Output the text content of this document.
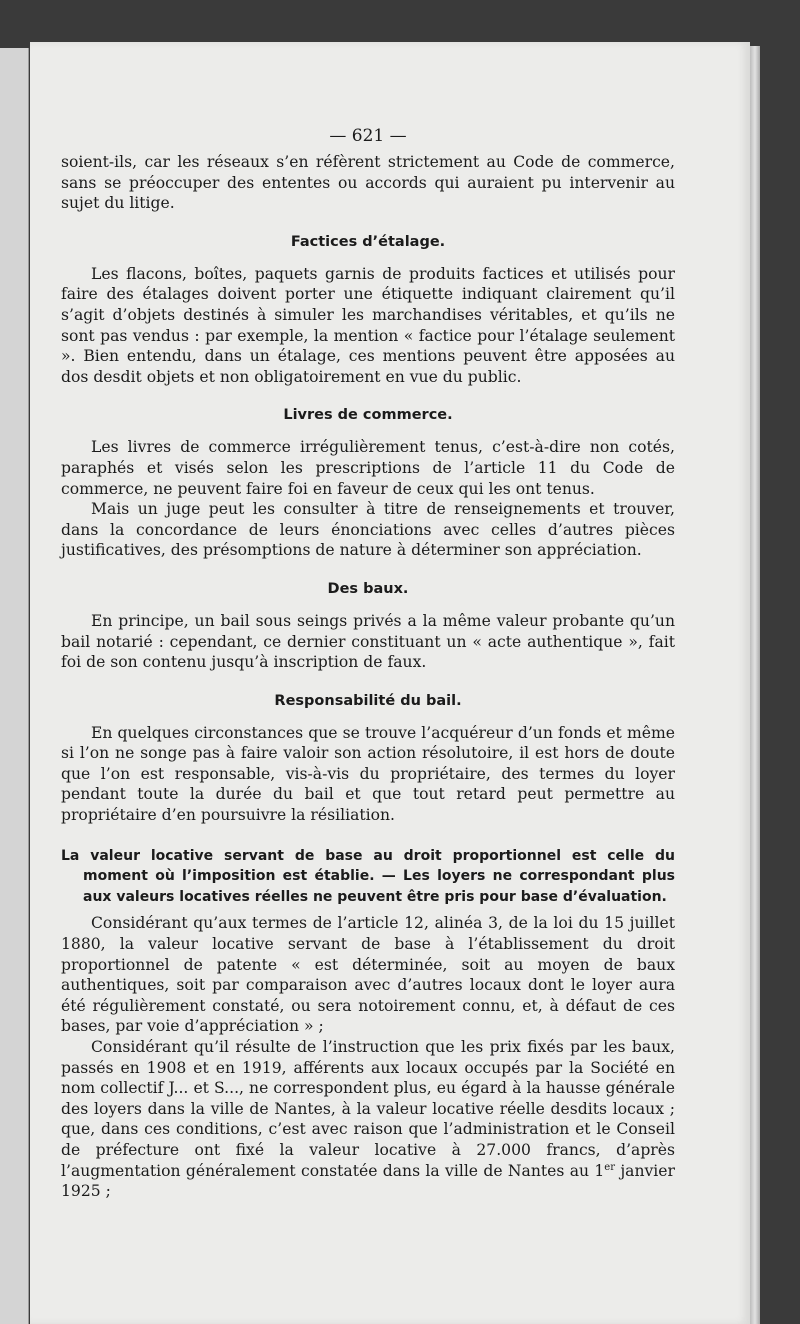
— 621 —

soient-ils, car les réseaux s’en réfèrent strictement au Code de commerce, sans se préoccuper des ententes ou accords qui auraient pu intervenir au sujet du litige.

Factices d’étalage.

Les flacons, boîtes, paquets garnis de produits factices et utilisés pour faire des étalages doivent porter une étiquette indiquant clairement qu’il s’agit d’objets destinés à simuler les marchandises véritables, et qu’ils ne sont pas vendus : par exemple, la mention « factice pour l’étalage seulement ». Bien entendu, dans un étalage, ces mentions peuvent être apposées au dos desdit objets et non obligatoirement en vue du public.

Livres de commerce.

Les livres de commerce irrégulièrement tenus, c’est-à-dire non cotés, paraphés et visés selon les prescriptions de l’article 11 du Code de commerce, ne peuvent faire foi en faveur de ceux qui les ont tenus.

Mais un juge peut les consulter à titre de renseignements et trouver, dans la concordance de leurs énonciations avec celles d’autres pièces justificatives, des présomptions de nature à déterminer son appréciation.

Des baux.

En principe, un bail sous seings privés a la même valeur probante qu’un bail notarié : cependant, ce dernier constituant un « acte authentique », fait foi de son contenu jusqu’à inscription de faux.

Responsabilité du bail.

En quelques circonstances que se trouve l’acquéreur d’un fonds et même si l’on ne songe pas à faire valoir son action résolutoire, il est hors de doute que l’on est responsable, vis-à-vis du propriétaire, des termes du loyer pendant toute la durée du bail et que tout retard peut permettre au propriétaire d’en poursuivre la résiliation.

La valeur locative servant de base au droit proportionnel est celle du moment où l’imposition est établie. — Les loyers ne correspondant plus aux valeurs locatives réelles ne peuvent être pris pour base d’évaluation.

Considérant qu’aux termes de l’article 12, alinéa 3, de la loi du 15 juillet 1880, la valeur locative servant de base à l’établissement du droit proportionnel de patente « est déterminée, soit au moyen de baux authentiques, soit par comparaison avec d’autres locaux dont le loyer aura été régulièrement constaté, ou sera notoirement connu, et, à défaut de ces bases, par voie d’appréciation » ;

Considérant qu’il résulte de l’instruction que les prix fixés par les baux, passés en 1908 et en 1919, afférents aux locaux occupés par la Société en nom collectif J... et S..., ne correspondent plus, eu égard à la hausse générale des loyers dans la ville de Nantes, à la valeur locative réelle desdits locaux ; que, dans ces conditions, c’est avec raison que l’administration et le Conseil de préfecture ont fixé la valeur locative à 27.000 francs, d’après l’augmentation généralement constatée dans la ville de Nantes au 1er janvier 1925 ;
